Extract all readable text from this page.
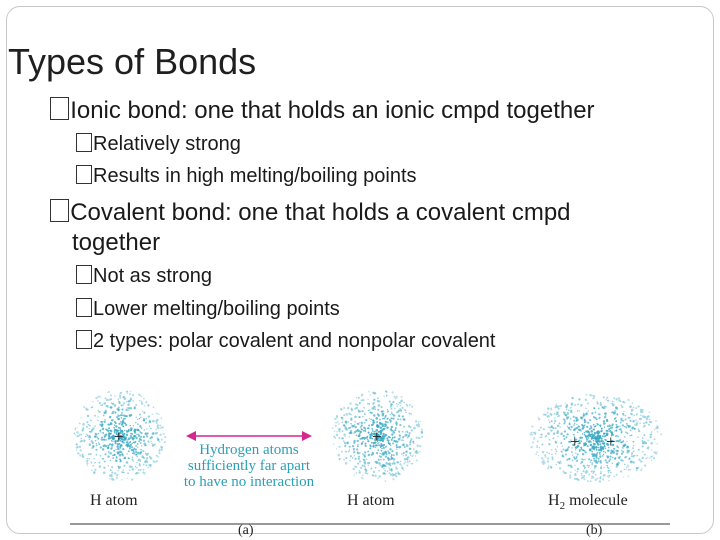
Types of Bonds
Ionic bond: one that holds an ionic cmpd together
Relatively strong
Results in high melting/boiling points
Covalent bond: one that holds a covalent cmpd
together
Not as strong
Lower melting/boiling points
2 types: polar covalent and nonpolar covalent
+	+	+ +
Hydrogen atoms
sufficiently far apart
to have no interaction
H atom	H atom	$H_2$ molecule
(a)	(b)
